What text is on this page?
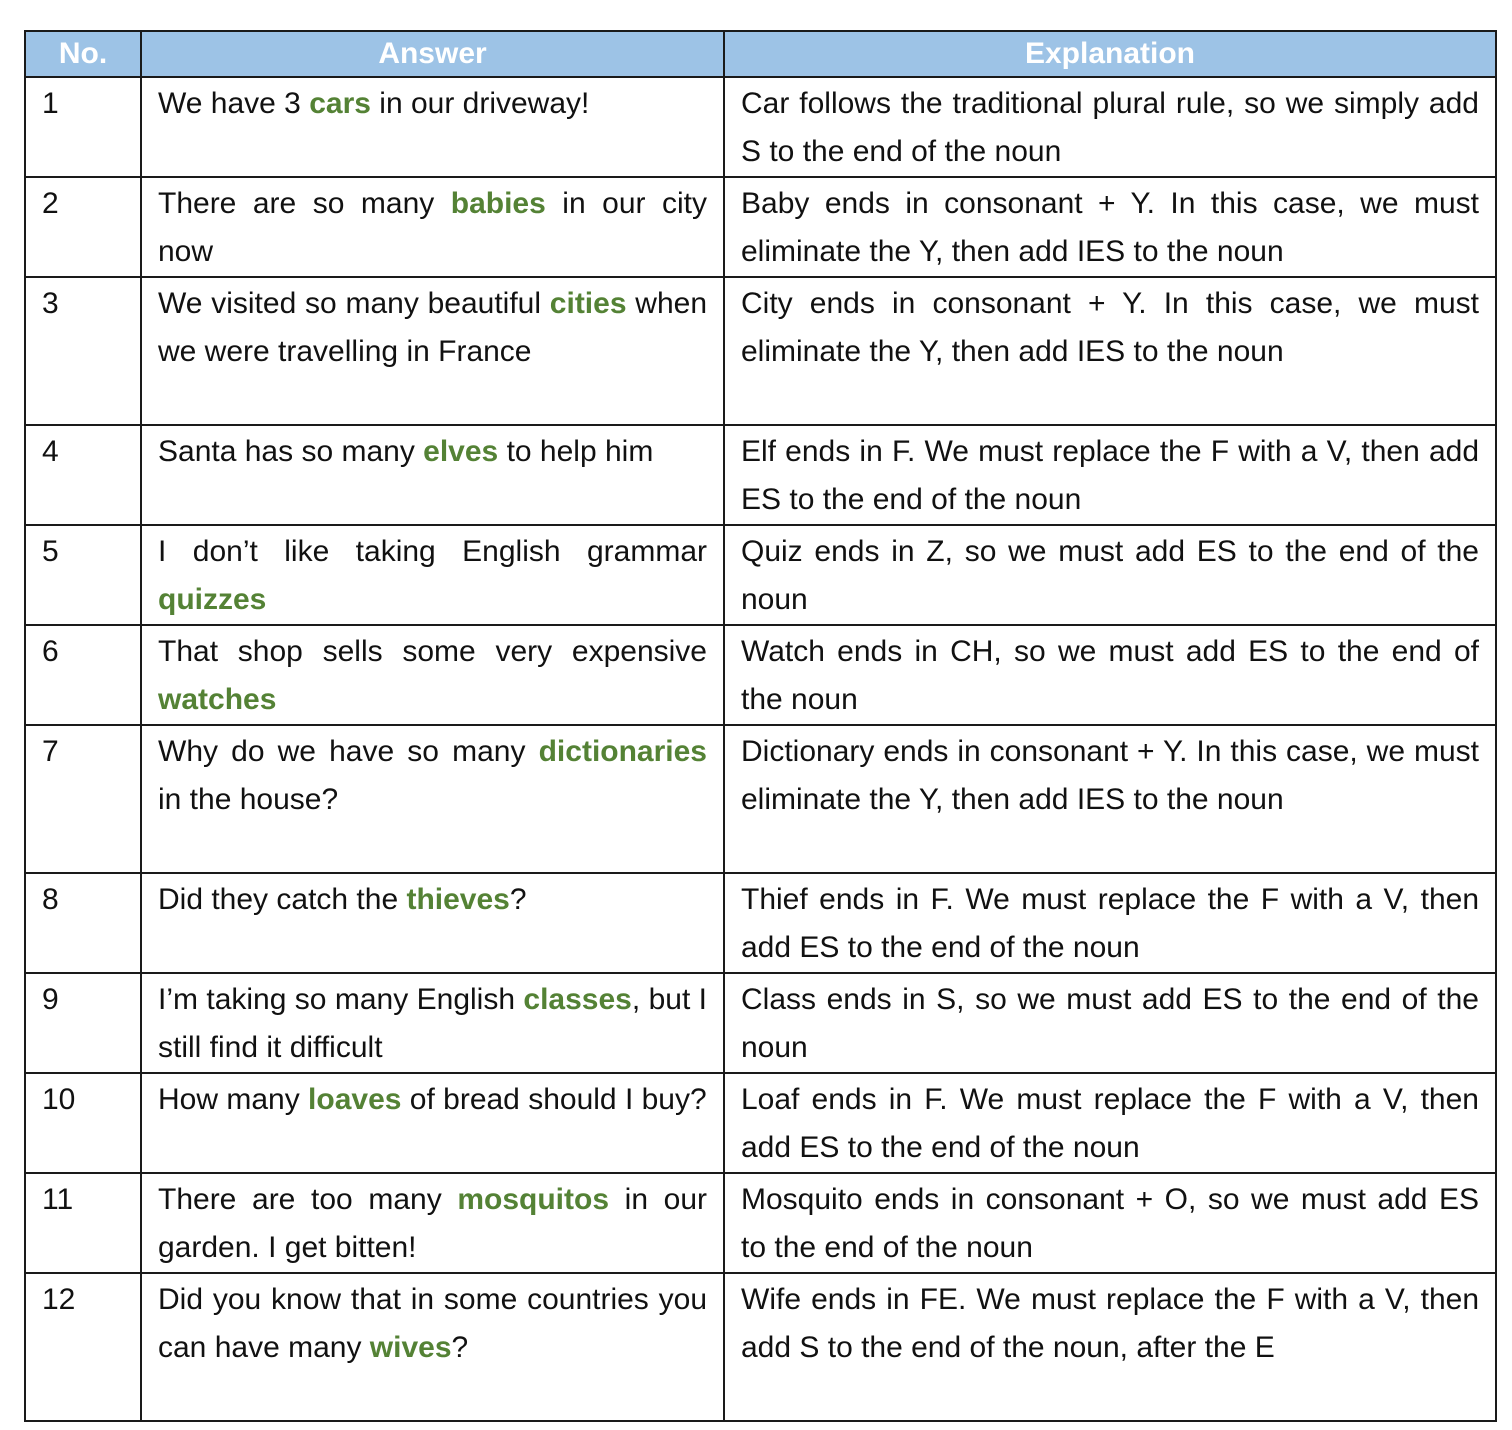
No.	Answer	Explanation
1	We have 3 cars in our driveway!	Car follows the traditional plural rule, so we simply add S to the end of the noun
2	There are so many babies in our city now	Baby ends in consonant + Y. In this case, we must eliminate the Y, then add IES to the noun
3	We visited so many beautiful cities when we were travelling in France	City ends in consonant + Y. In this case, we must eliminate the Y, then add IES to the noun
4	Santa has so many elves to help him	Elf ends in F. We must replace the F with a V, then add ES to the end of the noun
5	I don’t like taking English grammar quizzes	Quiz ends in Z, so we must add ES to the end of the noun
6	That shop sells some very expensive watches	Watch ends in CH, so we must add ES to the end of the noun
7	Why do we have so many dictionaries in the house?	Dictionary ends in consonant + Y. In this case, we must eliminate the Y, then add IES to the noun
8	Did they catch the thieves?	Thief ends in F. We must replace the F with a V, then add ES to the end of the noun
9	I’m taking so many English classes, but I still find it difficult	Class ends in S, so we must add ES to the end of the noun
10	How many loaves of bread should I buy?	Loaf ends in F. We must replace the F with a V, then add ES to the end of the noun
11	There are too many mosquitos in our garden. I get bitten!	Mosquito ends in consonant + O, so we must add ES to the end of the noun
12	Did you know that in some countries you can have many wives?	Wife ends in FE. We must replace the F with a V, then add S to the end of the noun, after the E
